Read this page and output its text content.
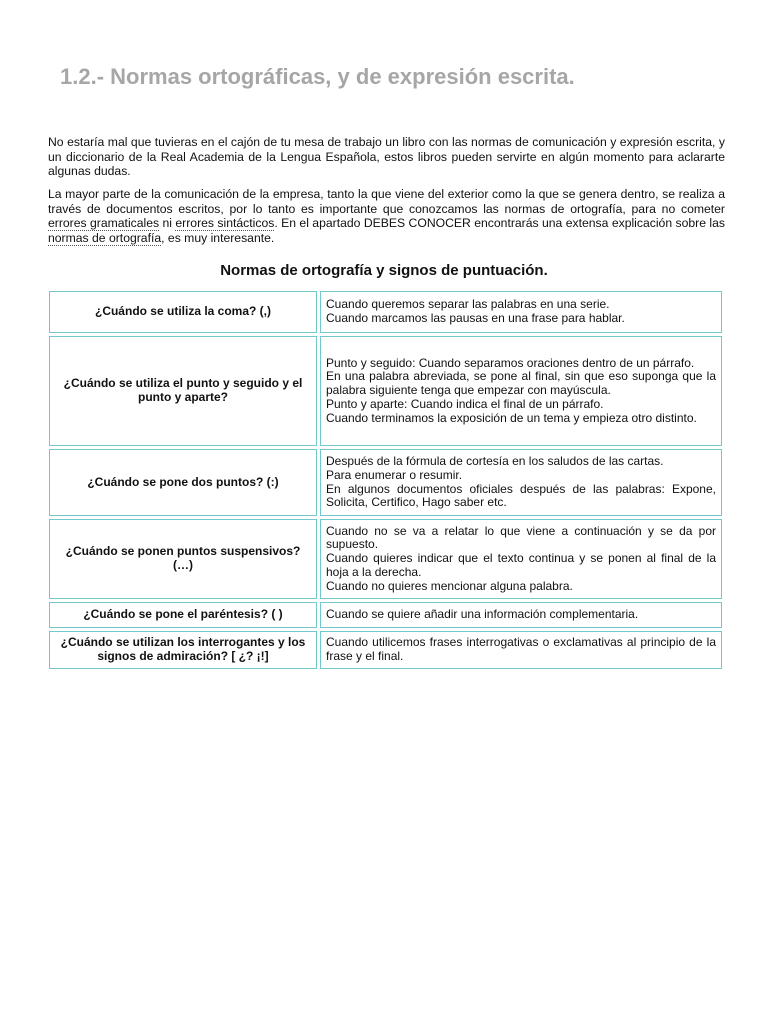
1.2.- Normas ortográficas, y de expresión escrita.

No estaría mal que tuvieras en el cajón de tu mesa de trabajo un libro con las normas de comunicación y expresión escrita, y un diccionario de la Real Academia de la Lengua Española, estos libros pueden servirte en algún momento para aclararte algunas dudas.

La mayor parte de la comunicación de la empresa, tanto la que viene del exterior como la que se genera dentro, se realiza a través de documentos escritos, por lo tanto es importante que conozcamos las normas de ortografía, para no cometer errores gramaticales ni errores sintácticos. En el apartado DEBES CONOCER encontrarás una extensa explicación sobre las normas de ortografía, es muy interesante.

Normas de ortografía y signos de puntuación.
¿Cuándo se utiliza la coma? (,)	Cuando queremos separar las palabras en una serie.
Cuando marcamos las pausas en una frase para hablar.

¿Cuándo se utiliza el punto y seguido y el punto y aparte?	Punto y seguido: Cuando separamos oraciones dentro de un párrafo.
En una palabra abreviada, se pone al final, sin que eso suponga que la palabra siguiente tenga que empezar con mayúscula.
Punto y aparte: Cuando indica el final de un párrafo.
Cuando terminamos la exposición de un tema y empieza otro distinto.

¿Cuándo se pone dos puntos? (:)	Después de la fórmula de cortesía en los saludos de las cartas.
Para enumerar o resumir.
En algunos documentos oficiales después de las palabras: Expone, Solicita, Certifico, Hago saber etc.

¿Cuándo se ponen puntos suspensivos? (…)	Cuando no se va a relatar lo que viene a continuación y se da por supuesto.
Cuando quieres indicar que el texto continua y se ponen al final de la hoja a la derecha.
Cuando no quieres mencionar alguna palabra.

¿Cuándo se pone el paréntesis? ( )	Cuando se quiere añadir una información complementaria.

¿Cuándo se utilizan los interrogantes y los signos de admiración? [ ¿? ¡!]	Cuando utilicemos frases interrogativas o exclamativas al principio de la frase y el final.
